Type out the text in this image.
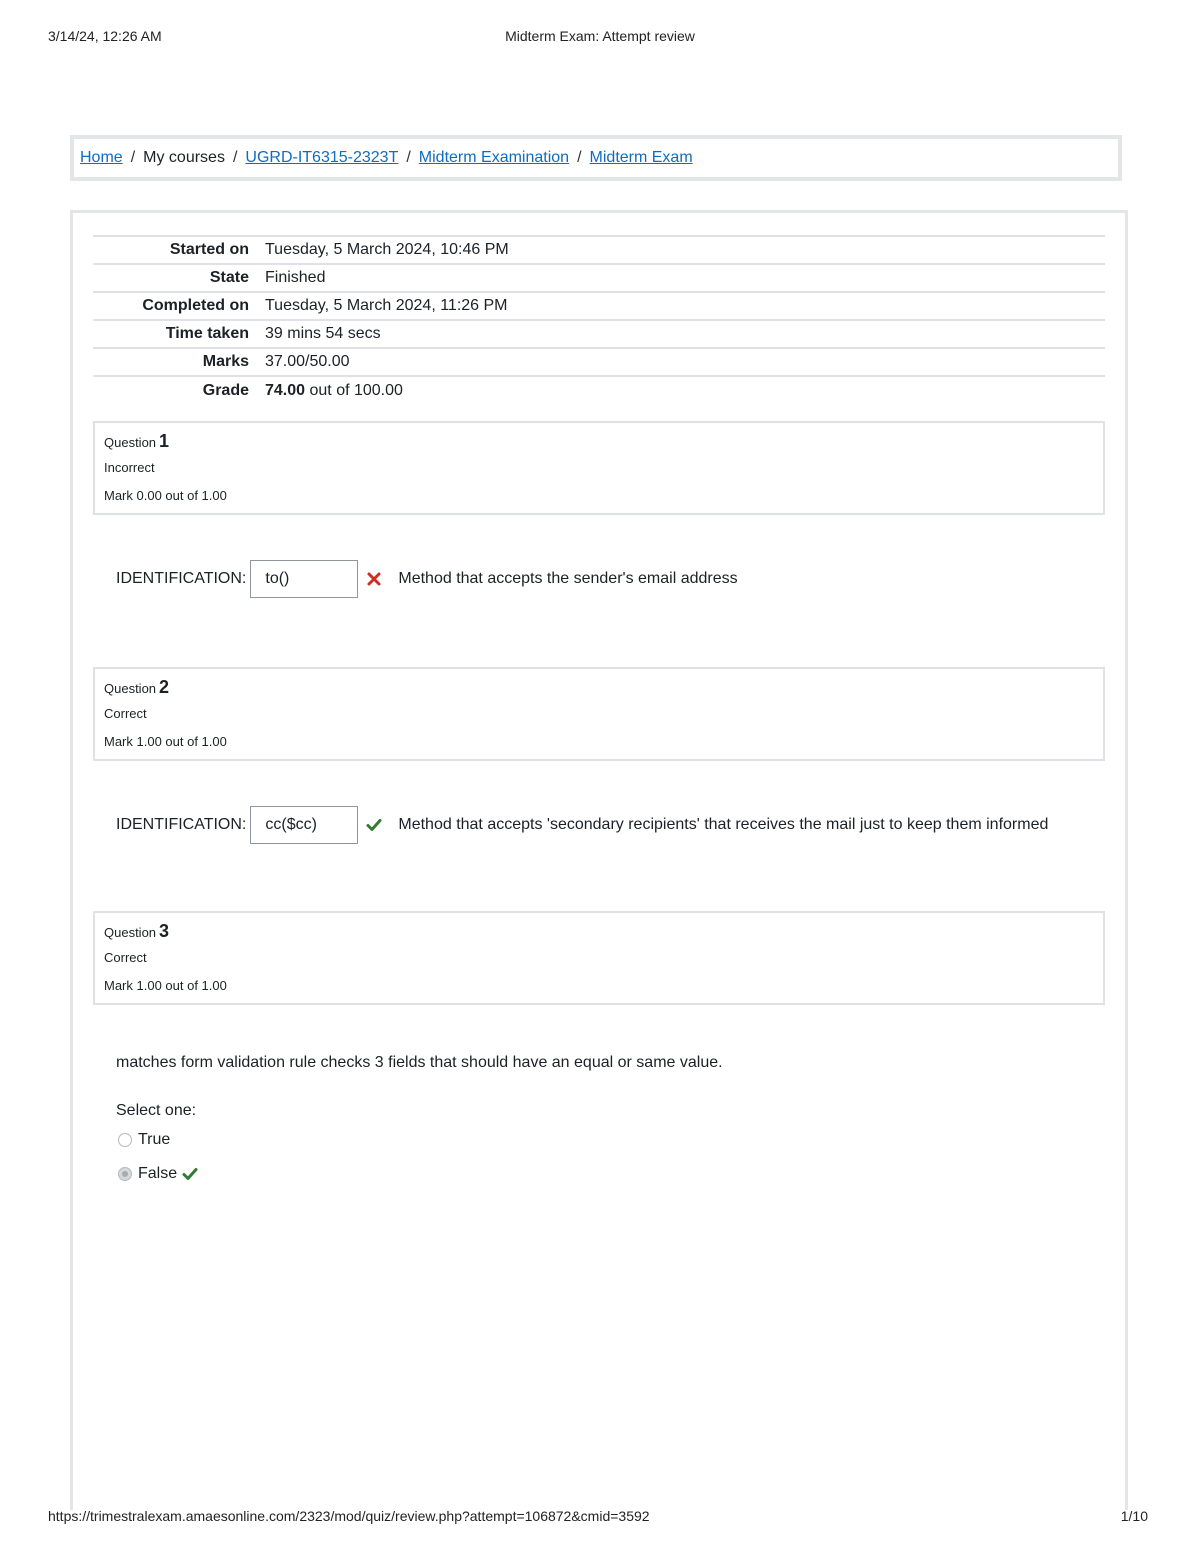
3/14/24, 12:26 AM	Midterm Exam: Attempt review
Home / My courses / UGRD-IT6315-2323T / Midterm Examination / Midterm Exam
Started on	Tuesday, 5 March 2024, 10:46 PM
State	Finished
Completed on	Tuesday, 5 March 2024, 11:26 PM
Time taken	39 mins 54 secs
Marks	37.00/50.00
Grade	74.00 out of 100.00
Question 1
Incorrect
Mark 0.00 out of 1.00
IDENTIFICATION:	to()	Method that accepts the sender's email address
Question 2
Correct
Mark 1.00 out of 1.00
IDENTIFICATION:	cc($cc)	Method that accepts 'secondary recipients' that receives the mail just to keep them informed
Question 3
Correct
Mark 1.00 out of 1.00
matches form validation rule checks 3 fields that should have an equal or same value.
Select one:
True
False
https://trimestralexam.amaesonline.com/2323/mod/quiz/review.php?attempt=106872&cmid=3592	1/10
